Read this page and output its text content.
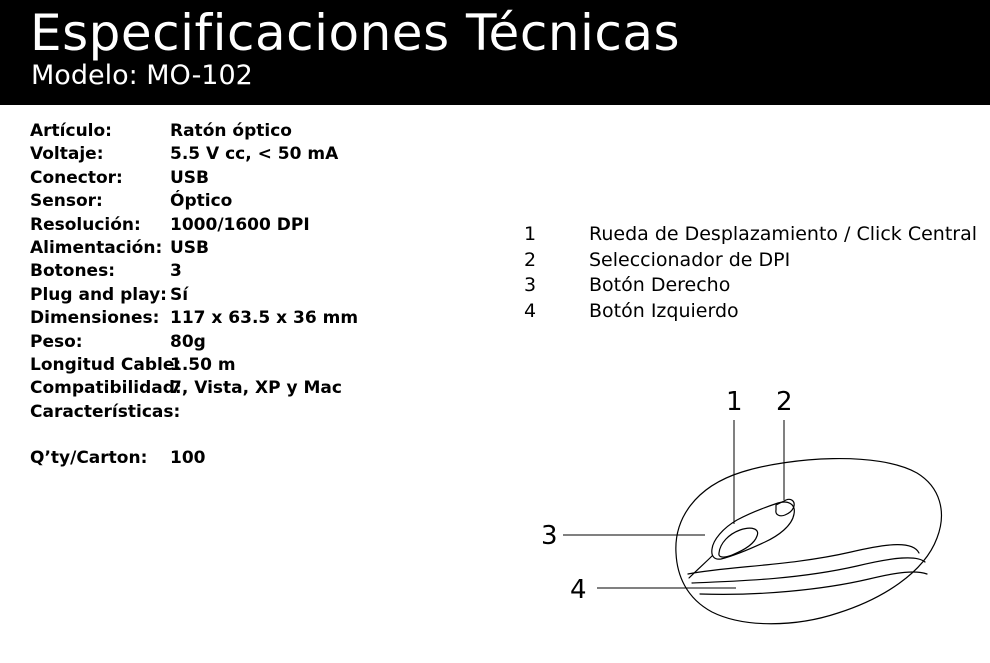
Especificaciones Técnicas
Modelo: MO-102
Artículo:	Ratón óptico
Voltaje:	5.5 V cc, < 50 mA
Conector:	USB
Sensor:	Óptico
Resolución: 1000/1600 DPI
Alimentación: USB
Botones:	3
Plug and play: Sí
Dimensiones: 117 x 63.5 x 36 mm
Peso:	80g
Longitud Cable:
1.50 m
Compatibilidad:
7, Vista, XP y Mac
Características:
Q’ty/Carton: 100
1	Rueda de Desplazamiento / Click Central
2	Seleccionador de DPI
3	Botón Derecho
4	Botón Izquierdo
1 2
3
4
